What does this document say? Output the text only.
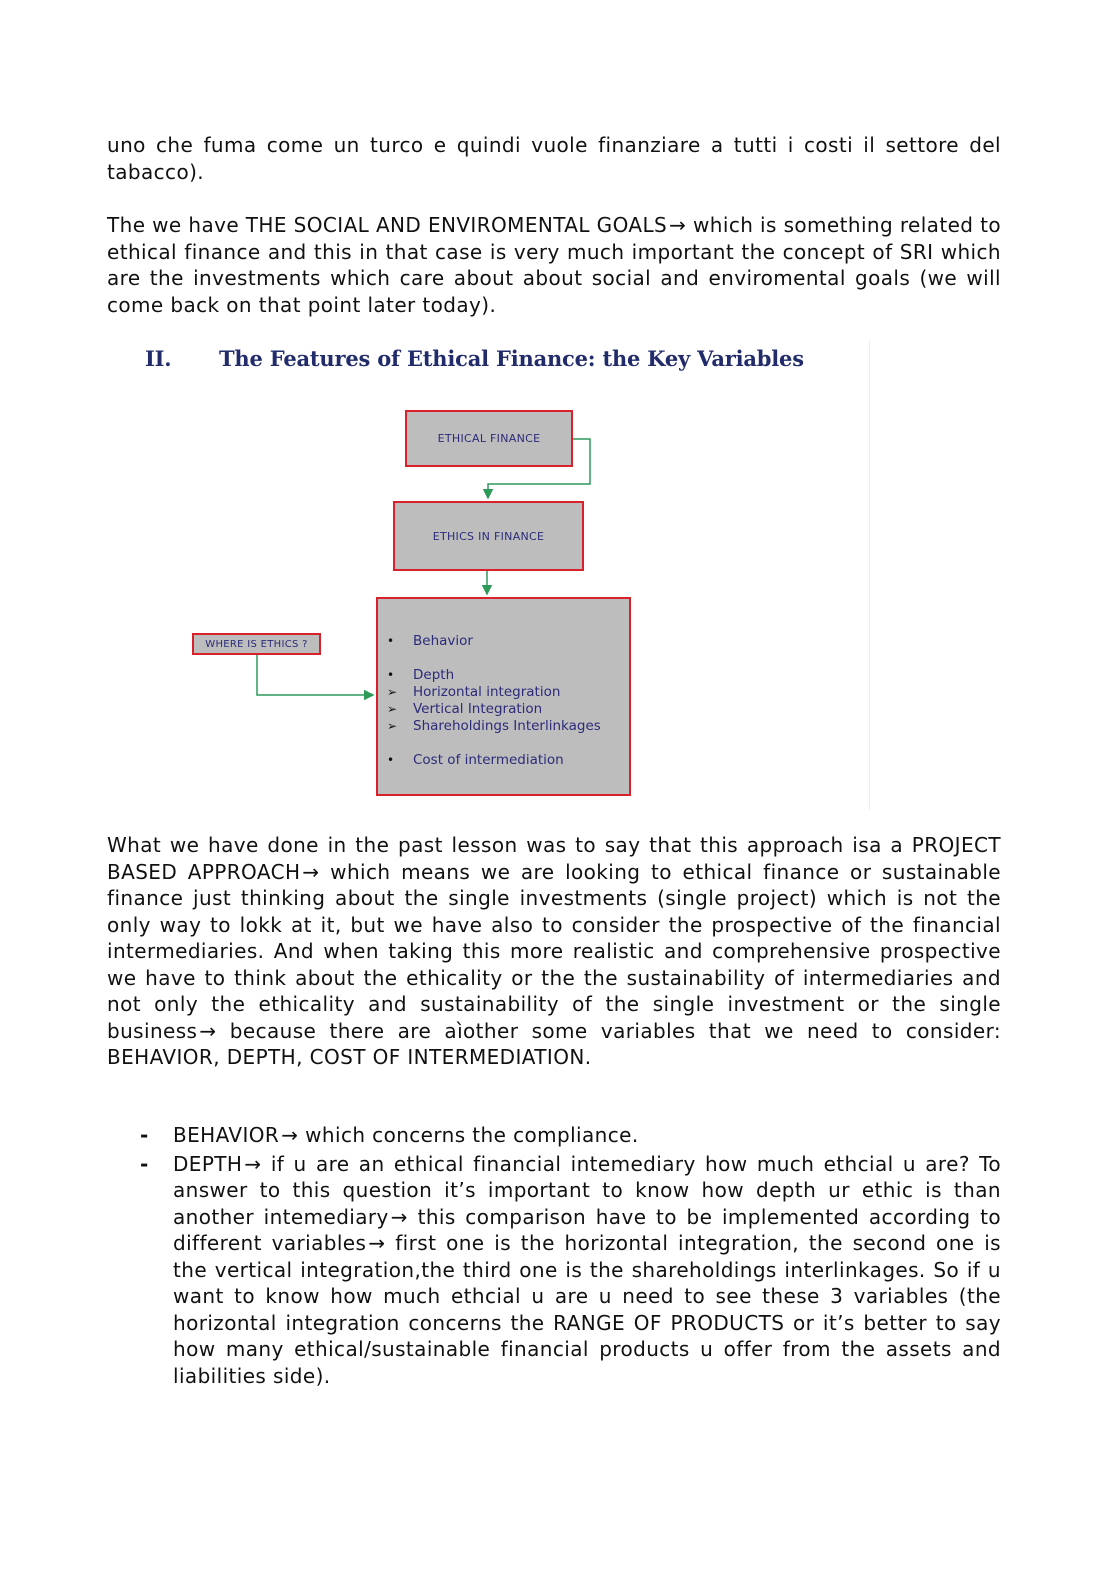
uno che fuma come un turco e quindi vuole finanziare a tutti i costi il settore del tabacco).

The we have THE SOCIAL AND ENVIROMENTAL GOALS → which is something related to ethical finance and this in that case is very much important the concept of SRI which are the investments which care about about social and enviromental goals (we will come back on that point later today).

II. The Features of Ethical Finance: the Key Variables
ETHICAL FINANCE
ETHICS IN FINANCE
WHERE IS ETHICS ?	• Behavior
• Depth
➢ Horizontal integration
➢ Vertical Integration
➢ Shareholdings Interlinkages
• Cost of intermediation

What we have done in the past lesson was to say that this approach isa a PROJECT BASED APPROACH → which means we are looking to ethical finance or sustainable finance just thinking about the single investments (single project) which is not the only way to lokk at it, but we have also to consider the prospective of the financial intermediaries. And when taking this more realistic and comprehensive prospective we have to think about the ethicality or the the sustainability of intermediaries and not only the ethicality and sustainability of the single investment or the single business → because there are aìother some variables that we need to consider: BEHAVIOR, DEPTH, COST OF INTERMEDIATION.

- BEHAVIOR → which concerns the compliance.
- DEPTH → if u are an ethical financial intemediary how much ethcial u are? To answer to this question it’s important to know how depth ur ethic is than another intemediary → this comparison have to be implemented according to different variables → first one is the horizontal integration, the second one is the vertical integration,the third one is the shareholdings interlinkages. So if u want to know how much ethcial u are u need to see these 3 variables (the horizontal integration concerns the RANGE OF PRODUCTS or it’s better to say how many ethical/sustainable financial products u offer from the assets and liabilities side).
